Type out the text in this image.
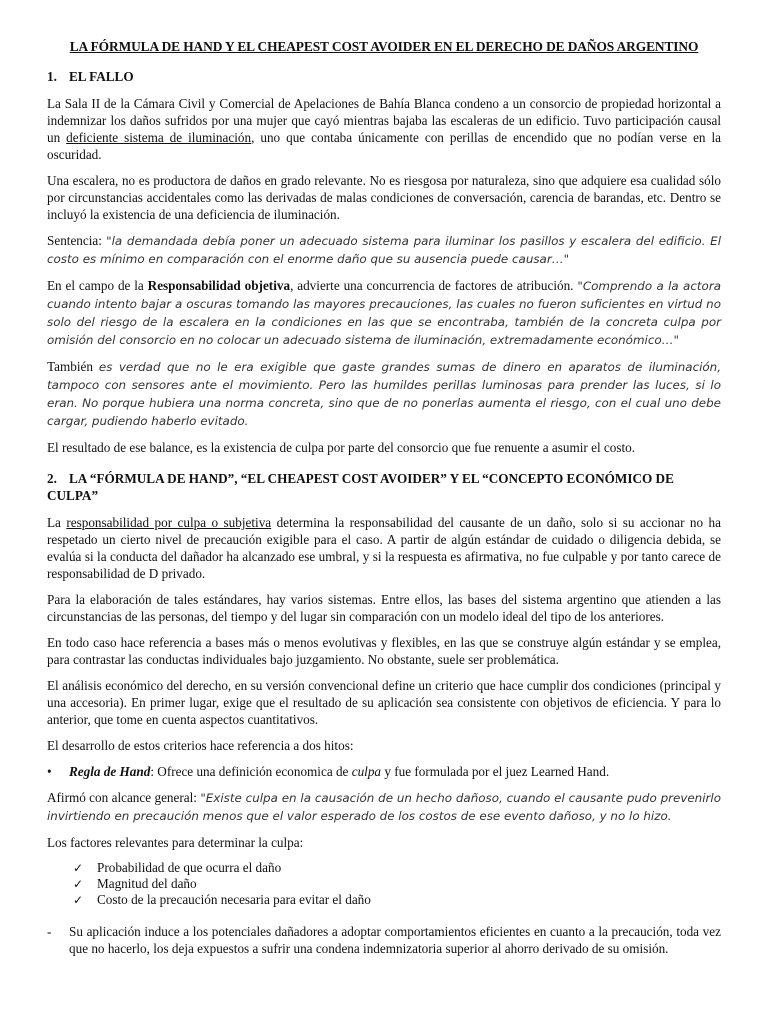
LA FÓRMULA DE HAND Y EL CHEAPEST COST AVOIDER EN EL DERECHO DE DAÑOS ARGENTINO
1. EL FALLO

La Sala II de la Cámara Civil y Comercial de Apelaciones de Bahía Blanca condeno a un consorcio de propiedad horizontal a indemnizar los daños sufridos por una mujer que cayó mientras bajaba las escaleras de un edificio. Tuvo participación causal un deficiente sistema de iluminación, uno que contaba únicamente con perillas de encendido que no podían verse en la oscuridad.

Una escalera, no es productora de daños en grado relevante. No es riesgosa por naturaleza, sino que adquiere esa cualidad sólo por circunstancias accidentales como las derivadas de malas condiciones de conversación, carencia de barandas, etc. Dentro se incluyó la existencia de una deficiencia de iluminación.

Sentencia: "la demandada debía poner un adecuado sistema para iluminar los pasillos y escalera del edificio. El costo es mínimo en comparación con el enorme daño que su ausencia puede causar…"

En el campo de la Responsabilidad objetiva, advierte una concurrencia de factores de atribución. "Comprendo a la actora cuando intento bajar a oscuras tomando las mayores precauciones, las cuales no fueron suficientes en virtud no solo del riesgo de la escalera en la condiciones en las que se encontraba, también de la concreta culpa por omisión del consorcio en no colocar un adecuado sistema de iluminación, extremadamente económico…"

También es verdad que no le era exigible que gaste grandes sumas de dinero en aparatos de iluminación, tampoco con sensores ante el movimiento. Pero las humildes perillas luminosas para prender las luces, si lo eran. No porque hubiera una norma concreta, sino que de no ponerlas aumenta el riesgo, con el cual uno debe cargar, pudiendo haberlo evitado.

El resultado de ese balance, es la existencia de culpa por parte del consorcio que fue renuente a asumir el costo.

2. LA “FÓRMULA DE HAND”, “EL CHEAPEST COST AVOIDER” Y EL “CONCEPTO ECONÓMICO DE CULPA”

La responsabilidad por culpa o subjetiva determina la responsabilidad del causante de un daño, solo si su accionar no ha respetado un cierto nivel de precaución exigible para el caso. A partir de algún estándar de cuidado o diligencia debida, se evalúa si la conducta del dañador ha alcanzado ese umbral, y si la respuesta es afirmativa, no fue culpable y por tanto carece de responsabilidad de D privado.

Para la elaboración de tales estándares, hay varios sistemas. Entre ellos, las bases del sistema argentino que atienden a las circunstancias de las personas, del tiempo y del lugar sin comparación con un modelo ideal del tipo de los anteriores.

En todo caso hace referencia a bases más o menos evolutivas y flexibles, en las que se construye algún estándar y se emplea, para contrastar las conductas individuales bajo juzgamiento. No obstante, suele ser problemática.

El análisis económico del derecho, en su versión convencional define un criterio que hace cumplir dos condiciones (principal y una accesoria). En primer lugar, exige que el resultado de su aplicación sea consistente con objetivos de eficiencia. Y para lo anterior, que tome en cuenta aspectos cuantitativos.

El desarrollo de estos criterios hace referencia a dos hitos:

•	Regla de Hand: Ofrece una definición economica de culpa y fue formulada por el juez Learned Hand.

Afirmó con alcance general: "Existe culpa en la causación de un hecho dañoso, cuando el causante pudo prevenirlo invirtiendo en precaución menos que el valor esperado de los costos de ese evento dañoso, y no lo hizo.

Los factores relevantes para determinar la culpa:

✓	Probabilidad de que ocurra el daño
✓	Magnitud del daño
✓	Costo de la precaución necesaria para evitar el daño
-	Su aplicación induce a los potenciales dañadores a adoptar comportamientos eficientes en cuanto a la precaución, toda vez que no hacerlo, los deja expuestos a sufrir una condena indemnizatoria superior al ahorro derivado de su omisión.
